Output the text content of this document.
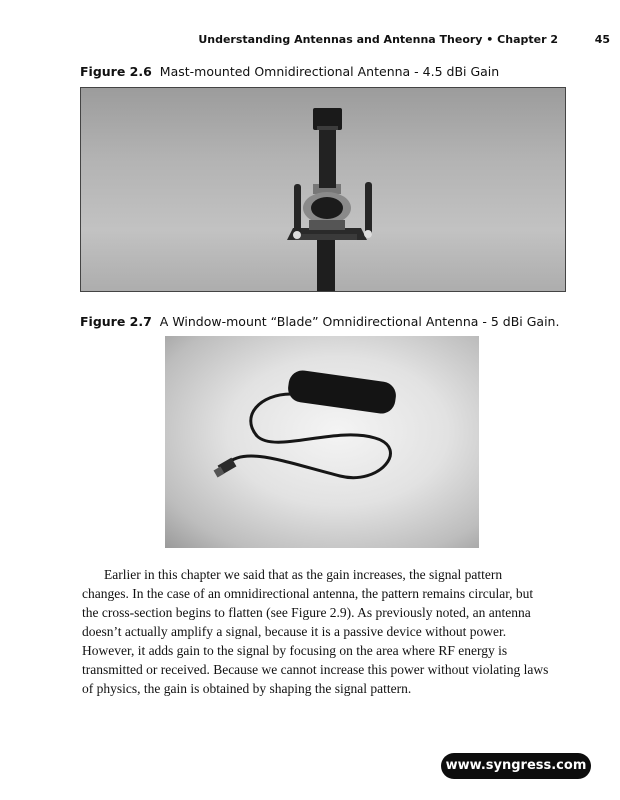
Understanding Antennas and Antenna Theory • Chapter 2	45
Figure 2.6 Mast-mounted Omnidirectional Antenna - 4.5 dBi Gain
Figure 2.7 A Window-mount “Blade” Omnidirectional Antenna - 5 dBi Gain.

Earlier in this chapter we said that as the gain increases, the signal pattern changes. In the case of an omnidirectional antenna, the pattern remains circular, but the cross-section begins to flatten (see Figure 2.9). As previously noted, an antenna doesn’t actually amplify a signal, because it is a passive device without power. However, it adds gain to the signal by focusing on the area where RF energy is transmitted or received. Because we cannot increase this power without violating laws of physics, the gain is obtained by shaping the signal pattern.

www.syngress.com
